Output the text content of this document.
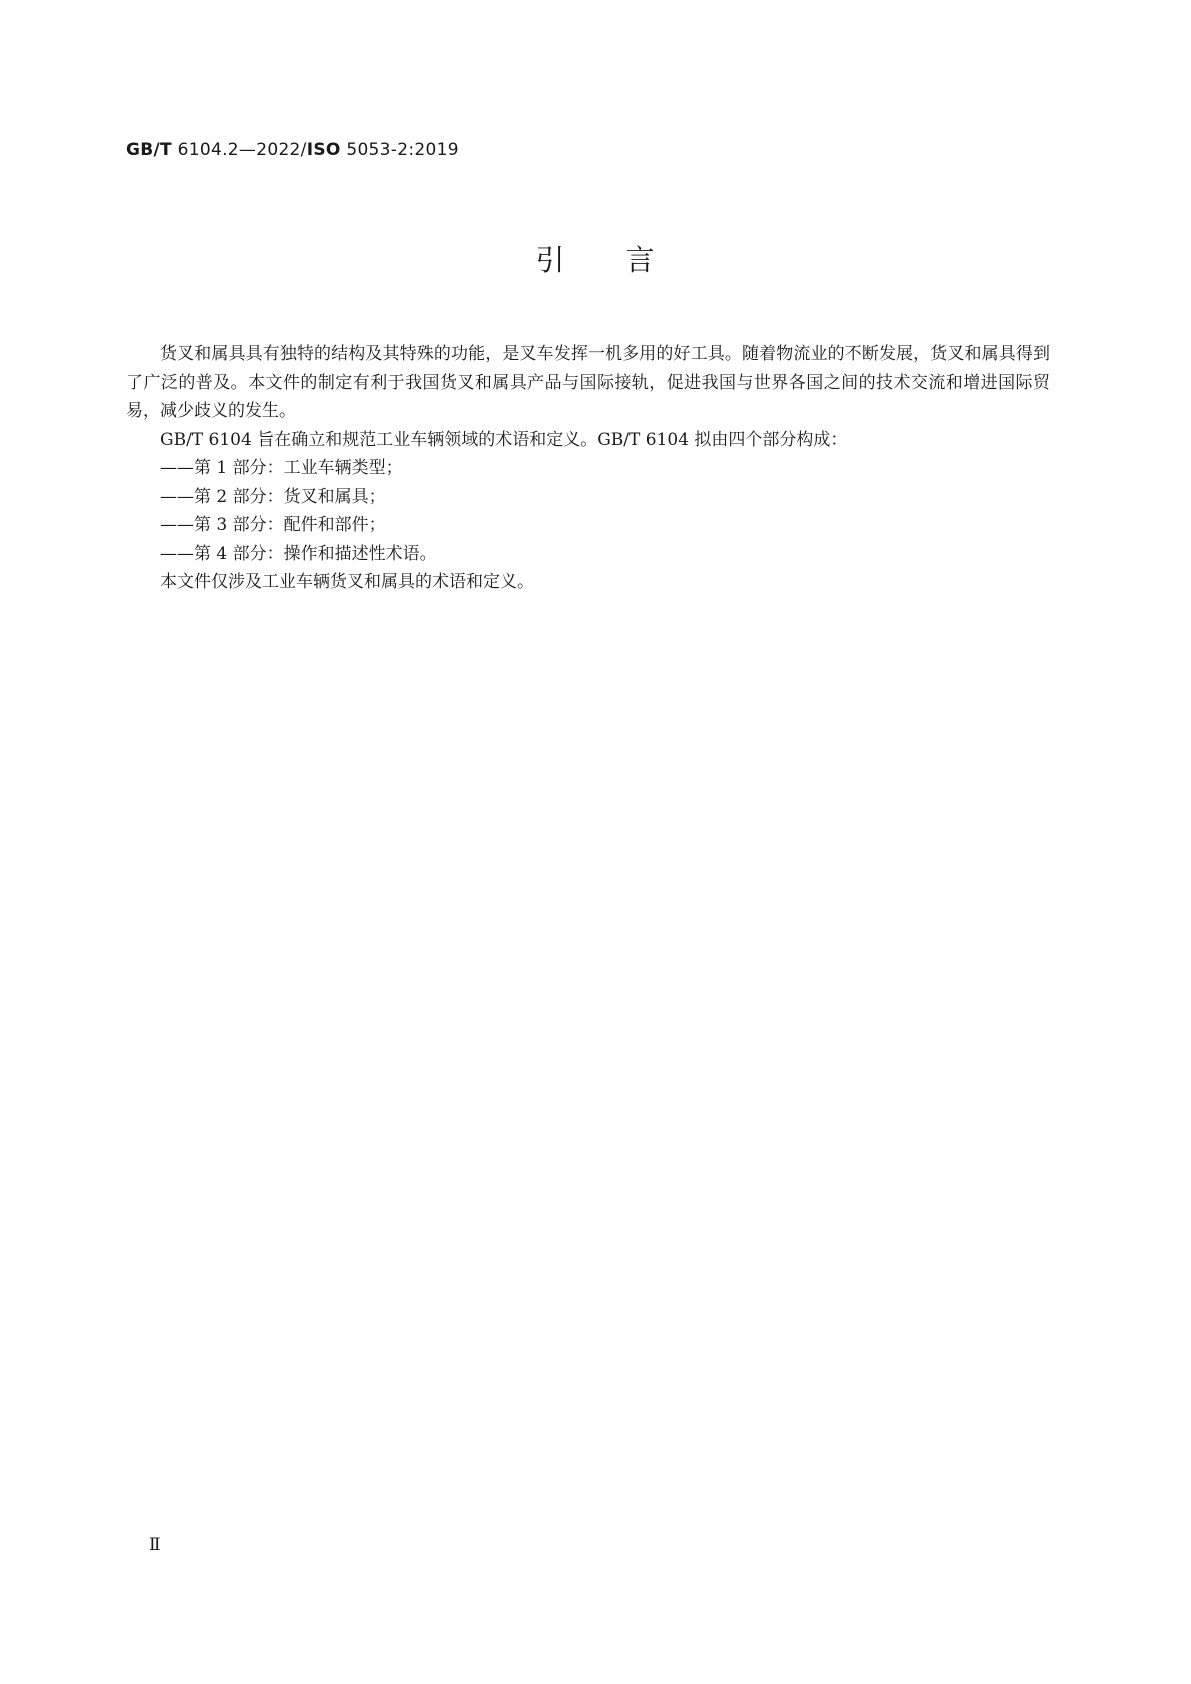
GB/T 6104.2—2022/ISO 5053-2:2019
引　　言

货叉和属具具有独特的结构及其特殊的功能，是叉车发挥一机多用的好工具。随着物流业的不断发展，货叉和属具得到了广泛的普及。本文件的制定有利于我国货叉和属具产品与国际接轨，促进我国与世界各国之间的技术交流和增进国际贸易，减少歧义的发生。

GB/T 6104 旨在确立和规范工业车辆领域的术语和定义。GB/T 6104 拟由四个部分构成：

——第 1 部分：工业车辆类型；

——第 2 部分：货叉和属具；

——第 3 部分：配件和部件；

——第 4 部分：操作和描述性术语。

本文件仅涉及工业车辆货叉和属具的术语和定义。

Ⅱ
